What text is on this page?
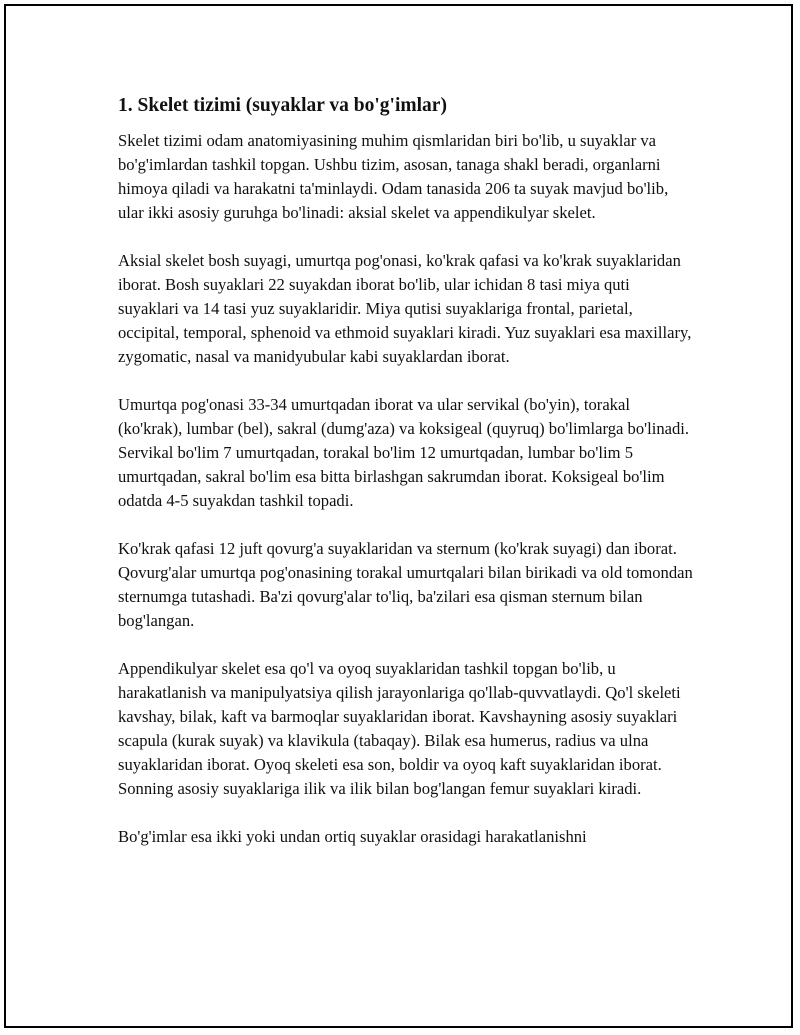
1. Skelet tizimi (suyaklar va bo'g'imlar)

Skelet tizimi odam anatomiyasining muhim qismlaridan biri bo'lib, u suyaklar va bo'g'imlardan tashkil topgan. Ushbu tizim, asosan, tanaga shakl beradi, organlarni himoya qiladi va harakatni ta'minlaydi. Odam tanasida 206 ta suyak mavjud bo'lib, ular ikki asosiy guruhga bo'linadi: aksial skelet va appendikulyar skelet.

Aksial skelet bosh suyagi, umurtqa pog'onasi, ko'krak qafasi va ko'krak suyaklaridan iborat. Bosh suyaklari 22 suyakdan iborat bo'lib, ular ichidan 8 tasi miya quti suyaklari va 14 tasi yuz suyaklaridir. Miya qutisi suyaklariga frontal, parietal, occipital, temporal, sphenoid va ethmoid suyaklari kiradi. Yuz suyaklari esa maxillary, zygomatic, nasal va manidyubular kabi suyaklardan iborat.

Umurtqa pog'onasi 33-34 umurtqadan iborat va ular servikal (bo'yin), torakal (ko'krak), lumbar (bel), sakral (dumg'aza) va koksigeal (quyruq) bo'limlarga bo'linadi. Servikal bo'lim 7 umurtqadan, torakal bo'lim 12 umurtqadan, lumbar bo'lim 5 umurtqadan, sakral bo'lim esa bitta birlashgan sakrumdan iborat. Koksigeal bo'lim odatda 4-5 suyakdan tashkil topadi.

Ko'krak qafasi 12 juft qovurg'a suyaklaridan va sternum (ko'krak suyagi) dan iborat. Qovurg'alar umurtqa pog'onasining torakal umurtqalari bilan birikadi va old tomondan sternumga tutashadi. Ba'zi qovurg'alar to'liq, ba'zilari esa qisman sternum bilan bog'langan.

Appendikulyar skelet esa qo'l va oyoq suyaklaridan tashkil topgan bo'lib, u harakatlanish va manipulyatsiya qilish jarayonlariga qo'llab-quvvatlaydi. Qo'l skeleti kavshay, bilak, kaft va barmoqlar suyaklaridan iborat. Kavshayning asosiy suyaklari scapula (kurak suyak) va klavikula (tabaqay). Bilak esa humerus, radius va ulna suyaklaridan iborat. Oyoq skeleti esa son, boldir va oyoq kaft suyaklaridan iborat. Sonning asosiy suyaklariga ilik va ilik bilan bog'langan femur suyaklari kiradi.

Bo'g'imlar esa ikki yoki undan ortiq suyaklar orasidagi harakatlanishni
